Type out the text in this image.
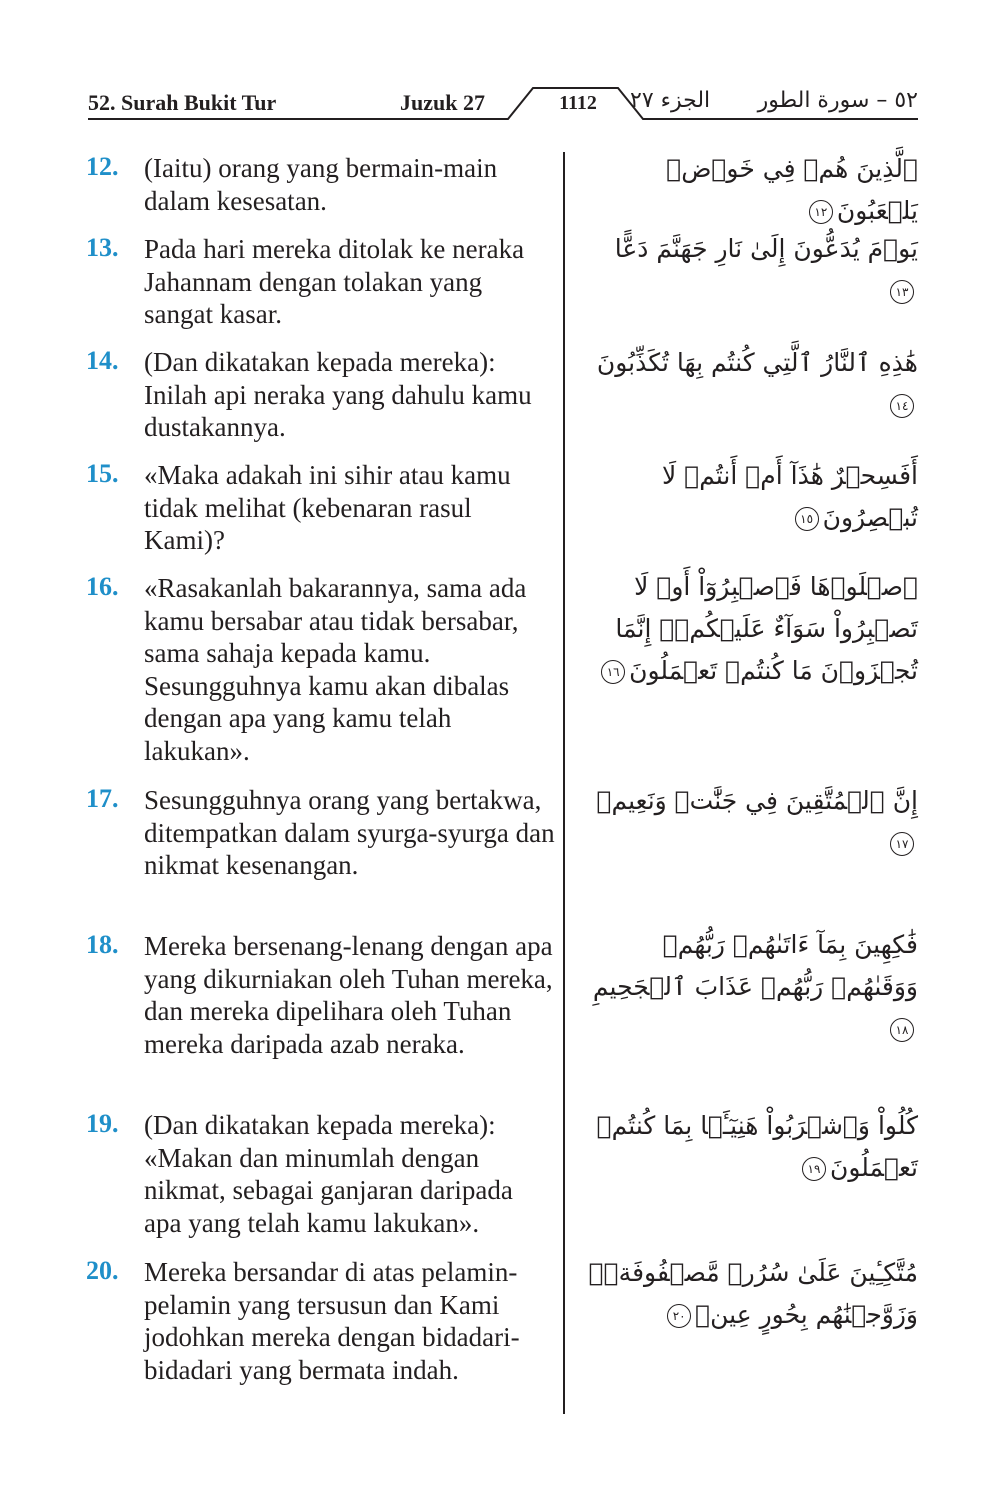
52. Surah Bukit Tur	Juzuk 27	1112	الجزء ٢٧ ٥٢ – سورة الطور
12. (Iaitu) orang yang bermain-main dalam kesesatan.
ٱلَّذِينَ هُمۡ فِي خَوۡضٖ يَلۡعَبُونَ١٢
13. Pada hari mereka ditolak ke neraka Jahannam dengan tolakan yang sangat kasar.
يَوۡمَ يُدَعُّونَ إِلَىٰ نَارِ جَهَنَّمَ دَعًّا١٣
14. (Dan dikatakan kepada mereka): Inilah api neraka yang dahulu kamu dustakannya.
هَٰذِهِ ٱلنَّارُ ٱلَّتِي كُنتُم بِهَا تُكَذِّبُونَ١٤
15. «Maka adakah ini sihir atau kamu tidak melihat (kebenaran rasul Kami)?
أَفَسِحۡرٌ هَٰذَآ أَمۡ أَنتُمۡ لَا تُبۡصِرُونَ١٥
16. «Rasakanlah bakarannya, sama ada kamu bersabar atau tidak bersabar, sama sahaja kepada kamu. Sesungguhnya kamu akan dibalas dengan apa yang kamu telah lakukan».
ٱصۡلَوۡهَا فَٱصۡبِرُوٓاْ أَوۡ لَا تَصۡبِرُواْ سَوَآءٌ عَلَيۡكُمۡۖ إِنَّمَا تُجۡزَوۡنَ مَا كُنتُمۡ تَعۡمَلُونَ١٦
17. Sesungguhnya orang yang bertakwa, ditempatkan dalam syurga-syurga dan nikmat kesenangan.
إِنَّ ٱلۡمُتَّقِينَ فِي جَنَّٰتٖ وَنَعِيمٖ١٧
18. Mereka bersenang-lenang dengan apa yang dikurniakan oleh Tuhan mereka, dan mereka dipelihara oleh Tuhan mereka daripada azab neraka.
فَٰكِهِينَ بِمَآ ءَاتَىٰهُمۡ رَبُّهُمۡ وَوَقَىٰهُمۡ رَبُّهُمۡ عَذَابَ ٱلۡجَحِيمِ١٨
19. (Dan dikatakan kepada mereka): «Makan dan minumlah dengan nikmat, sebagai ganjaran daripada apa yang telah kamu lakukan».
كُلُواْ وَٱشۡرَبُواْ هَنِيٓـَٔۢا بِمَا كُنتُمۡ تَعۡمَلُونَ١٩
20. Mereka bersandar di atas pelamin-pelamin yang tersusun dan Kami jodohkan mereka dengan bidadari-bidadari yang bermata indah.
مُتَّكِـِٔينَ عَلَىٰ سُرُرٖ مَّصۡفُوفَةٖۖ وَزَوَّجۡنَٰهُم بِحُورٍ عِينٖ٢٠
